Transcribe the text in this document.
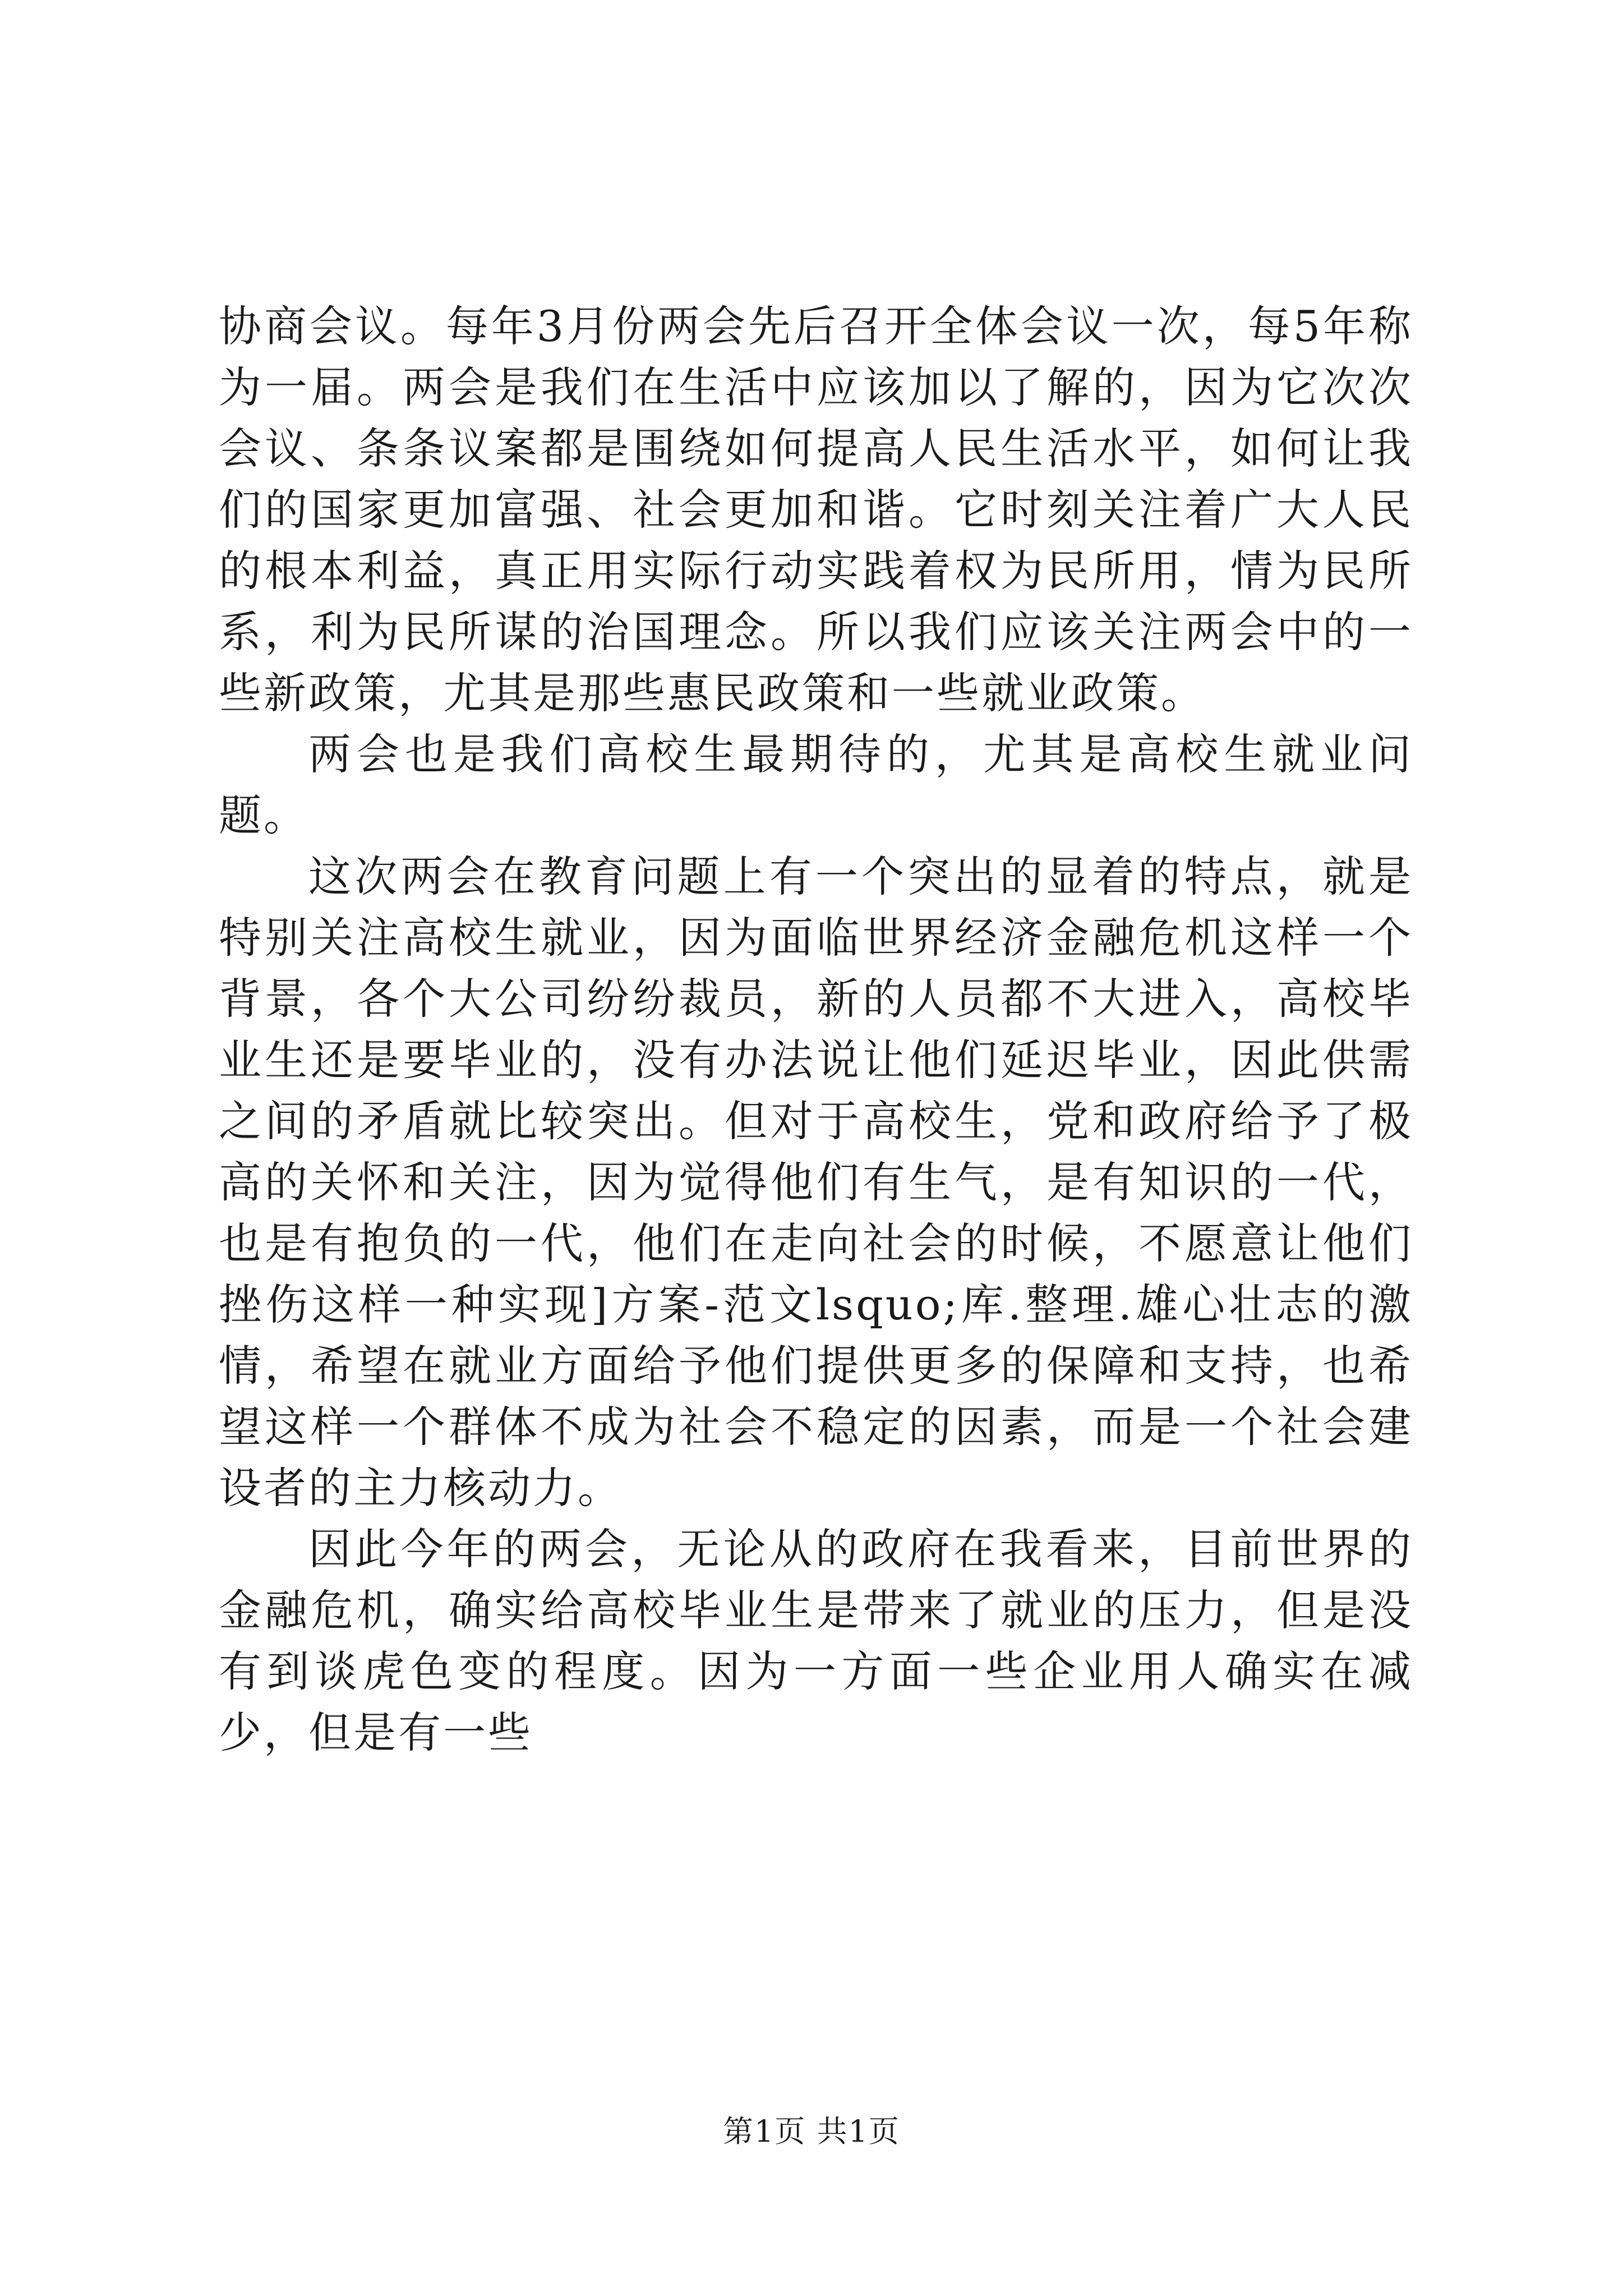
协商会议。每年3月份两会先后召开全体会议一次，每5年称为一届。两会是我们在生活中应该加以了解的，因为它次次会议、条条议案都是围绕如何提高人民生活水平，如何让我们的国家更加富强、社会更加和谐。它时刻关注着广大人民的根本利益，真正用实际行动实践着权为民所用，情为民所系，利为民所谋的治国理念。所以我们应该关注两会中的一些新政策，尤其是那些惠民政策和一些就业政策。

两会也是我们高校生最期待的，尤其是高校生就业问题。

这次两会在教育问题上有一个突出的显着的特点，就是特别关注高校生就业，因为面临世界经济金融危机这样一个背景，各个大公司纷纷裁员，新的人员都不大进入，高校毕业生还是要毕业的，没有办法说让他们延迟毕业，因此供需之间的矛盾就比较突出。但对于高校生，党和政府给予了极高的关怀和关注，因为觉得他们有生气，是有知识的一代，也是有抱负的一代，他们在走向社会的时候，不愿意让他们挫伤这样一种实现]方案-范文lsquo;库.整理.雄心壮志的激情，希望在就业方面给予他们提供更多的保障和支持，也希望这样一个群体不成为社会不稳定的因素，而是一个社会建设者的主力核动力。

因此今年的两会，无论从的政府在我看来，目前世界的金融危机，确实给高校毕业生是带来了就业的压力，但是没有到谈虎色变的程度。因为一方面一些企业用人确实在减少，但是有一些

第1页 共1页
